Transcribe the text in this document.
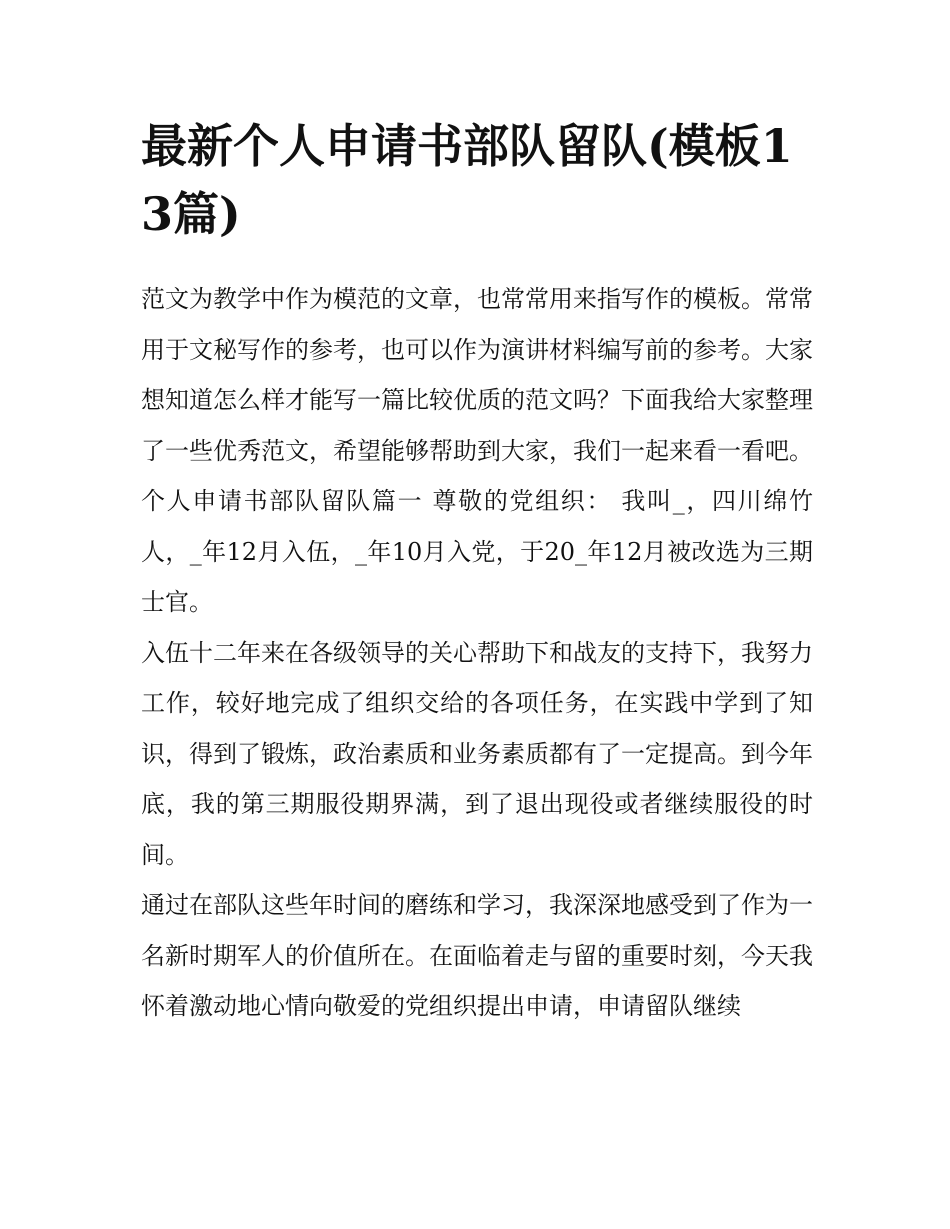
最新个人申请书部队留队(模板13篇)

范文为教学中作为模范的文章，也常常用来指写作的模板。常常用于文秘写作的参考，也可以作为演讲材料编写前的参考。大家想知道怎么样才能写一篇比较优质的范文吗？下面我给大家整理了一些优秀范文，希望能够帮助到大家，我们一起来看一看吧。

个人申请书部队留队篇一 尊敬的党组织： 我叫_，四川绵竹人，_年12月入伍，_年10月入党，于20_年12月被改选为三期士官。

入伍十二年来在各级领导的关心帮助下和战友的支持下，我努力工作，较好地完成了组织交给的各项任务，在实践中学到了知识，得到了锻炼，政治素质和业务素质都有了一定提高。到今年底，我的第三期服役期界满，到了退出现役或者继续服役的时间。

通过在部队这些年时间的磨练和学习，我深深地感受到了作为一名新时期军人的价值所在。在面临着走与留的重要时刻，今天我怀着激动地心情向敬爱的党组织提出申请，申请留队继续
